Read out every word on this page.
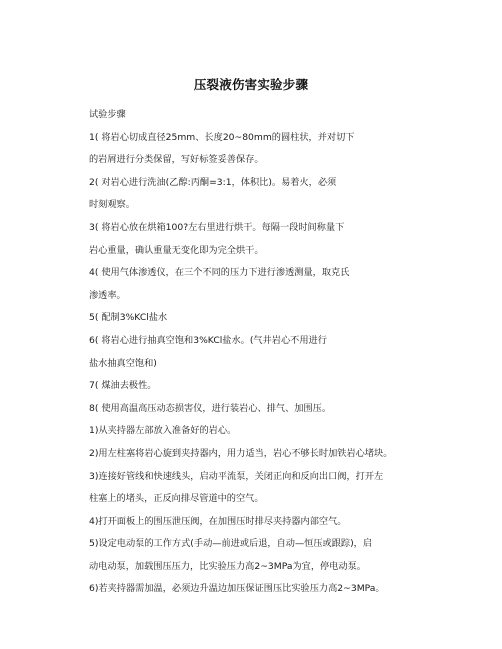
压裂液伤害实验步骤
试验步骤
1( 将岩心切成直径25mm、长度20~80mm的圆柱状，并对切下
的岩屑进行分类保留，写好标签妥善保存。
2( 对岩心进行洗油(乙醇:丙酮=3:1，体积比)。易着火，必须
时刻观察。
3( 将岩心放在烘箱100?左右里进行烘干。每隔一段时间称量下
岩心重量，确认重量无变化即为完全烘干。
4( 使用气体渗透仪，在三个不同的压力下进行渗透测量，取克氏
渗透率。
5( 配制3%KCl盐水
6( 将岩心进行抽真空饱和3%KCl盐水。(气井岩心不用进行
盐水抽真空饱和)
7( 煤油去极性。
8( 使用高温高压动态损害仪，进行装岩心、排气、加围压。
1)从夹持器左部放入准备好的岩心。
2)用左柱塞将岩心旋到夹持器内，用力适当，岩心不够长时加铁岩心堵块。
3)连接好管线和快速线头，启动平流泵，关闭正向和反向出口阀，打开左
柱塞上的堵头，正反向排尽管道中的空气。
4)打开面板上的围压泄压阀，在加围压时排尽夹持器内部空气。
5)设定电动泵的工作方式(手动—前进或后退，自动—恒压或跟踪)，启
动电动泵，加载围压压力，比实验压力高2~3MPa为宜，停电动泵。
6)若夹持器需加温，必须边升温边加压保证围压比实验压力高2~3MPa。
